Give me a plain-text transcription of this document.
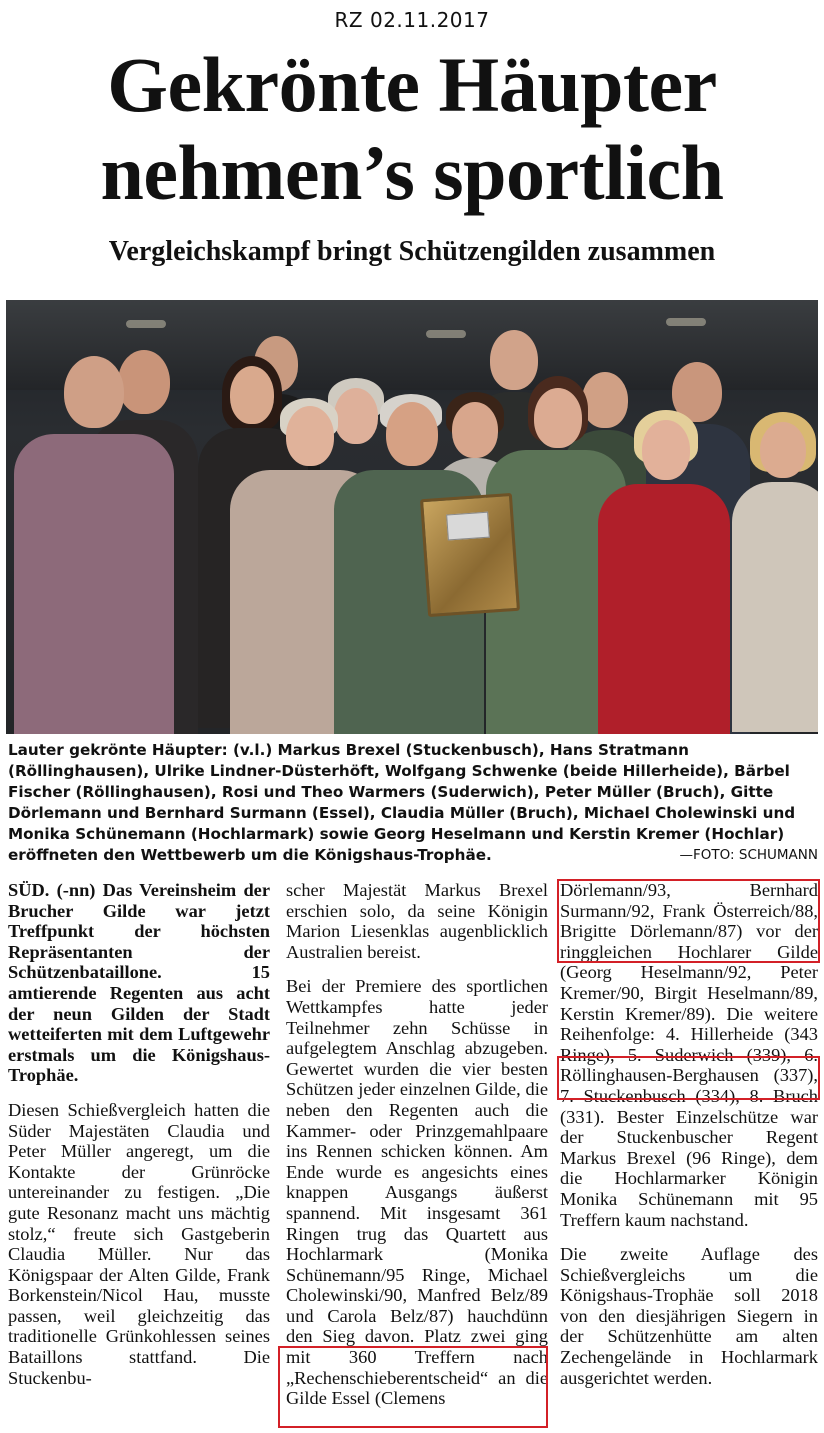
RZ 02.11.2017
Gekrönte Häupter
nehmen’s sportlich
Vergleichskampf bringt Schützengilden zusammen
Lauter gekrönte Häupter: (v.l.) Markus Brexel (Stuckenbusch), Hans Stratmann (Röllinghausen), Ulrike Lindner-Düsterhöft, Wolfgang Schwenke (beide Hillerheide), Bärbel Fischer (Röllinghausen), Rosi und Theo Warmers (Suderwich), Peter Müller (Bruch), Gitte Dörlemann und Bernhard Surmann (Essel), Claudia Müller (Bruch), Michael Cholewinski und Monika Schünemann (Hochlarmark) sowie Georg Heselmann und Kerstin Kremer (Hochlar) eröffneten den Wettbewerb um die Königshaus-Trophäe.	—FOTO: SCHUMANN

SÜD. (-nn) Das Vereinsheim der Brucher Gilde war jetzt Treffpunkt der höchsten Repräsentanten der Schützenbataillone. 15 amtierende Regenten aus acht der neun Gilden der Stadt wetteiferten mit dem Luftgewehr erstmals um die Königshaus-Trophäe.

Diesen Schießvergleich hatten die Süder Majestäten Claudia und Peter Müller angeregt, um die Kontakte der Grünröcke untereinander zu festigen. „Die gute Resonanz macht uns mächtig stolz,“ freute sich Gastgeberin Claudia Müller. Nur das Königspaar der Alten Gilde, Frank Borkenstein/Nicol Hau, musste passen, weil gleichzeitig das traditionelle Grünkohlessen seines Bataillons stattfand. Die Stuckenbu-

scher Majestät Markus Brexel erschien solo, da seine Königin Marion Liesenklas augenblicklich Australien bereist.

Bei der Premiere des sportlichen Wettkampfes hatte jeder Teilnehmer zehn Schüsse in aufgelegtem Anschlag abzugeben. Gewertet wurden die vier besten Schützen jeder einzelnen Gilde, die neben den Regenten auch die Kammer- oder Prinzgemahlpaare ins Rennen schicken können. Am Ende wurde es angesichts eines knappen Ausgangs äußerst spannend. Mit insgesamt 361 Ringen trug das Quartett aus Hochlarmark (Monika Schünemann/95 Ringe, Michael Cholewinski/90, Manfred Belz/89 und Carola Belz/87) hauchdünn den Sieg davon. Platz zwei ging mit 360 Treffern nach „Rechenschieberentscheid“ an die Gilde Essel (Clemens

Dörlemann/93, Bernhard Surmann/92, Frank Österreich/88, Brigitte Dörlemann/87) vor der ringgleichen Hochlarer Gilde (Georg Heselmann/92, Peter Kremer/90, Birgit Heselmann/89, Kerstin Kremer/89). Die weitere Reihenfolge: 4. Hillerheide (343 Ringe), 5. Suderwich (339), 6. Röllinghausen-Berghausen (337), 7. Stuckenbusch (334), 8. Bruch (331). Bester Einzelschütze war der Stuckenbuscher Regent Markus Brexel (96 Ringe), dem die Hochlarmarker Königin Monika Schünemann mit 95 Treffern kaum nachstand.

Die zweite Auflage des Schießvergleichs um die Königshaus-Trophäe soll 2018 von den diesjährigen Siegern in der Schützenhütte am alten Zechengelände in Hochlarmark ausgerichtet werden.
